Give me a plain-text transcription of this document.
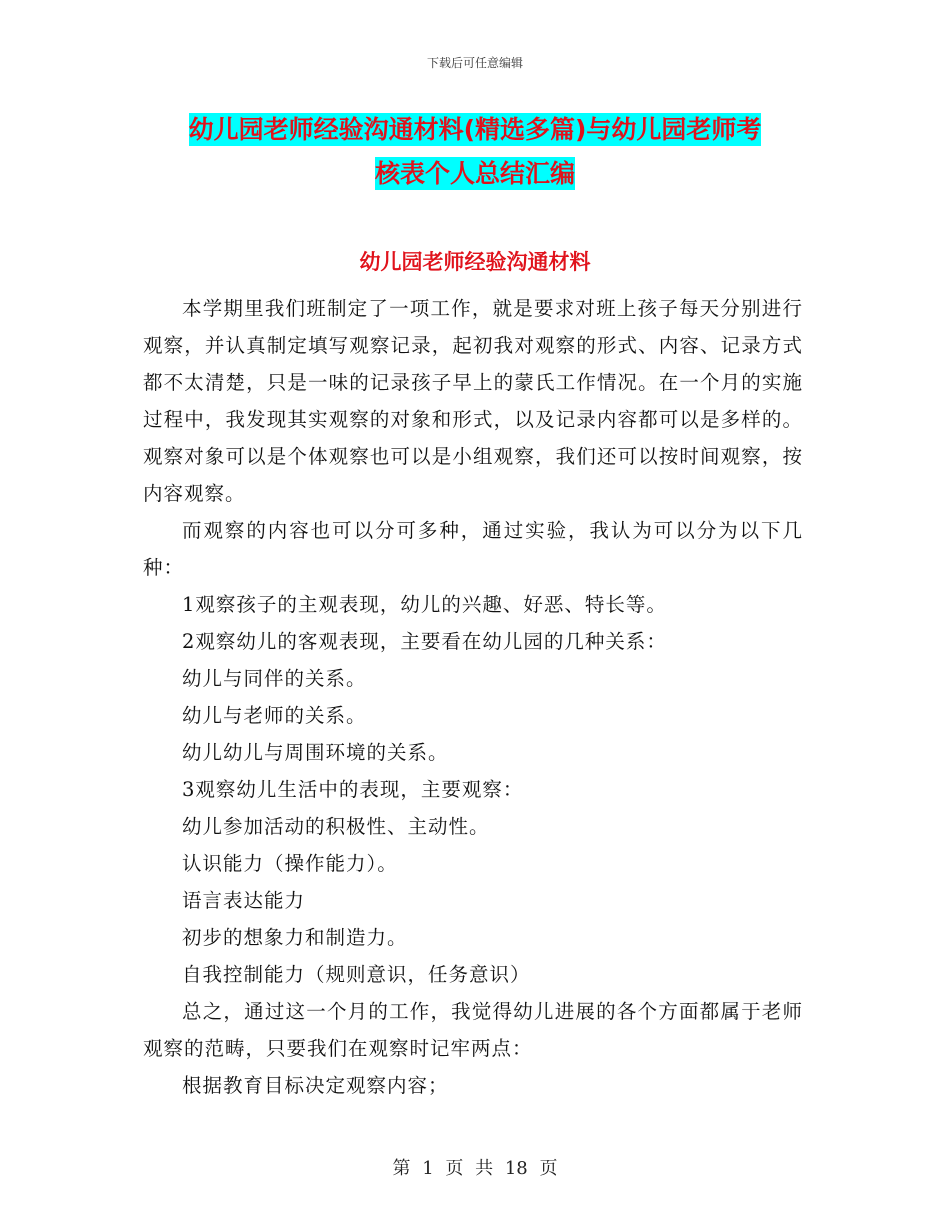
下载后可任意编辑
幼儿园老师经验沟通材料(精选多篇)与幼儿园老师考
核表个人总结汇编
幼儿园老师经验沟通材料

本学期里我们班制定了一项工作，就是要求对班上孩子每天分别进行观察，并认真制定填写观察记录，起初我对观察的形式、内容、记录方式都不太清楚，只是一味的记录孩子早上的蒙氏工作情况。在一个月的实施过程中，我发现其实观察的对象和形式，以及记录内容都可以是多样的。观察对象可以是个体观察也可以是小组观察，我们还可以按时间观察，按内容观察。

而观察的内容也可以分可多种，通过实验，我认为可以分为以下几种：

1观察孩子的主观表现，幼儿的兴趣、好恶、特长等。

2观察幼儿的客观表现，主要看在幼儿园的几种关系：

幼儿与同伴的关系。

幼儿与老师的关系。

幼儿幼儿与周围环境的关系。

3观察幼儿生活中的表现，主要观察：

幼儿参加活动的积极性、主动性。

认识能力（操作能力）。

语言表达能力

初步的想象力和制造力。

自我控制能力（规则意识，任务意识）

总之，通过这一个月的工作，我觉得幼儿进展的各个方面都属于老师观察的范畴，只要我们在观察时记牢两点：

根据教育目标决定观察内容；

第 1 页 共 18 页
